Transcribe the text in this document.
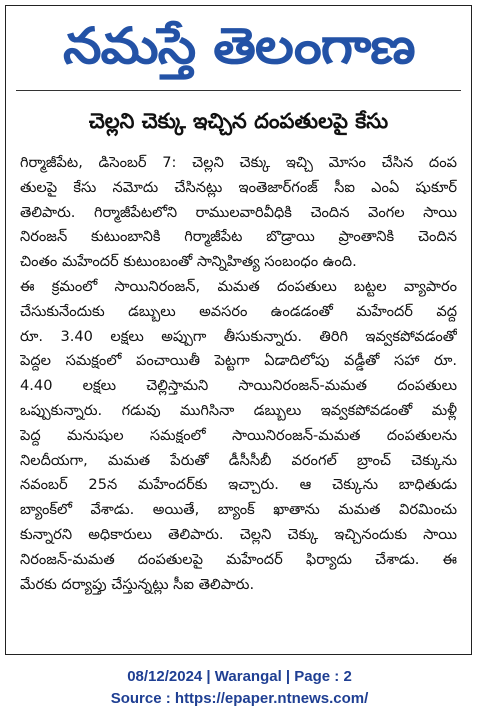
నమస్తే తెలంగాణ
చెల్లని చెక్కు ఇచ్చిన దంపతులపై కేసు
గిర్మాజీపేట, డిసెంబర్ 7: చెల్లని చెక్కు ఇచ్చి మోసం చేసిన దంప
తులపై కేసు నమోదు చేసినట్లు ఇంతెజార్‌గంజ్ సీఐ ఎంఏ షుకూర్
తెలిపారు. గిర్మాజీపేటలోని రాములవారివీధికి చెందిన వెంగల సాయి
నిరంజన్ కుటుంబానికి గిర్మాజీపేట బొడ్రాయి ప్రాంతానికి చెందిన
చింతం మహేందర్ కుటుంబంతో సాన్నిహిత్య సంబంధం ఉంది.
ఈ క్రమంలో సాయినిరంజన్, మమత దంపతులు బట్టల వ్యాపారం
చేసుకునేందుకు డబ్బులు అవసరం ఉండడంతో మహేందర్ వద్ద
రూ. 3.40 లక్షలు అప్పుగా తీసుకున్నారు. తిరిగి ఇవ్వకపోవడంతో
పెద్దల సమక్షంలో పంచాయితీ పెట్టగా ఏడాదిలోపు వడ్డీతో సహా రూ.
4.40 లక్షలు చెల్లిస్తామని సాయినిరంజన్-మమత దంపతులు
ఒప్పుకున్నారు. గడువు ముగిసినా డబ్బులు ఇవ్వకపోవడంతో మళ్లీ
పెద్ద మనుషుల సమక్షంలో సాయినిరంజన్-మమత దంపతులను
నిలదీయగా, మమత పేరుతో డీసీసీబీ వరంగల్ బ్రాంచ్ చెక్కును
నవంబర్ 25న మహేందర్‌కు ఇచ్చారు. ఆ చెక్కును బాధితుడు
బ్యాంక్‌లో వేశాడు. అయితే, బ్యాంక్ ఖాతాను మమత విరమించు
కున్నారని అధికారులు తెలిపారు. చెల్లని చెక్కు ఇచ్చినందుకు సాయి
నిరంజన్-మమత దంపతులపై మహేందర్ ఫిర్యాదు చేశాడు. ఈ
మేరకు దర్యాప్తు చేస్తున్నట్లు సీఐ తెలిపారు.
08/12/2024 | Warangal | Page : 2
Source : https://epaper.ntnews.com/
